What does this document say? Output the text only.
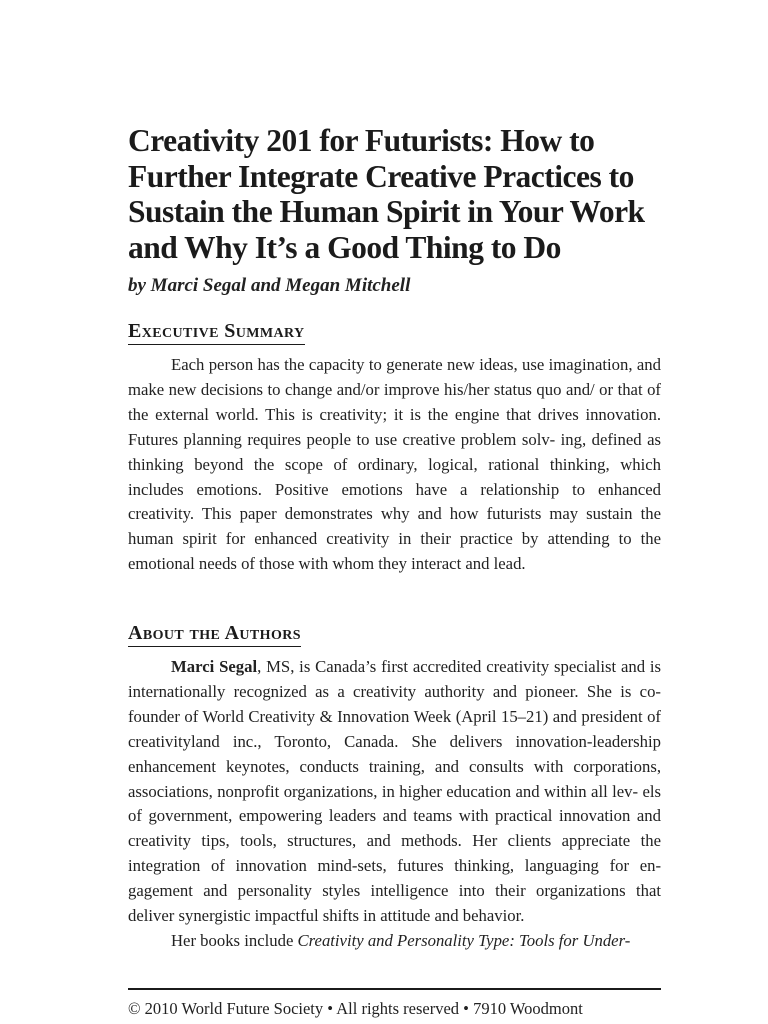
Creativity 201 for Futurists: How to Further Integrate Creative Practices to Sustain the Human Spirit in Your Work and Why It’s a Good Thing to Do

by Marci Segal and Megan Mitchell

Executive Summary

Each person has the capacity to generate new ideas, use imagination, and make new decisions to change and/or improve his/her status quo and/ or that of the external world. This is creativity; it is the engine that drives innovation. Futures planning requires people to use creative problem solv- ing, defined as thinking beyond the scope of ordinary, logical, rational thinking, which includes emotions. Positive emotions have a relationship to enhanced creativity. This paper demonstrates why and how futurists may sustain the human spirit for enhanced creativity in their practice by attending to the emotional needs of those with whom they interact and lead.

About the Authors

Marci Segal, MS, is Canada’s first accredited creativity specialist and is internationally recognized as a creativity authority and pioneer. She is co- founder of World Creativity & Innovation Week (April 15–21) and president of creativityland inc., Toronto, Canada. She delivers innovation-leadership enhancement keynotes, conducts training, and consults with corporations, associations, nonprofit organizations, in higher education and within all lev- els of government, empowering leaders and teams with practical innovation and creativity tips, tools, structures, and methods. Her clients appreciate the integration of innovation mind-sets, futures thinking, languaging for en- gagement and personality styles intelligence into their organizations that deliver synergistic impactful shifts in attitude and behavior.

Her books include Creativity and Personality Type: Tools for Under-

© 2010 World Future Society • All rights reserved • 7910 Woodmont
